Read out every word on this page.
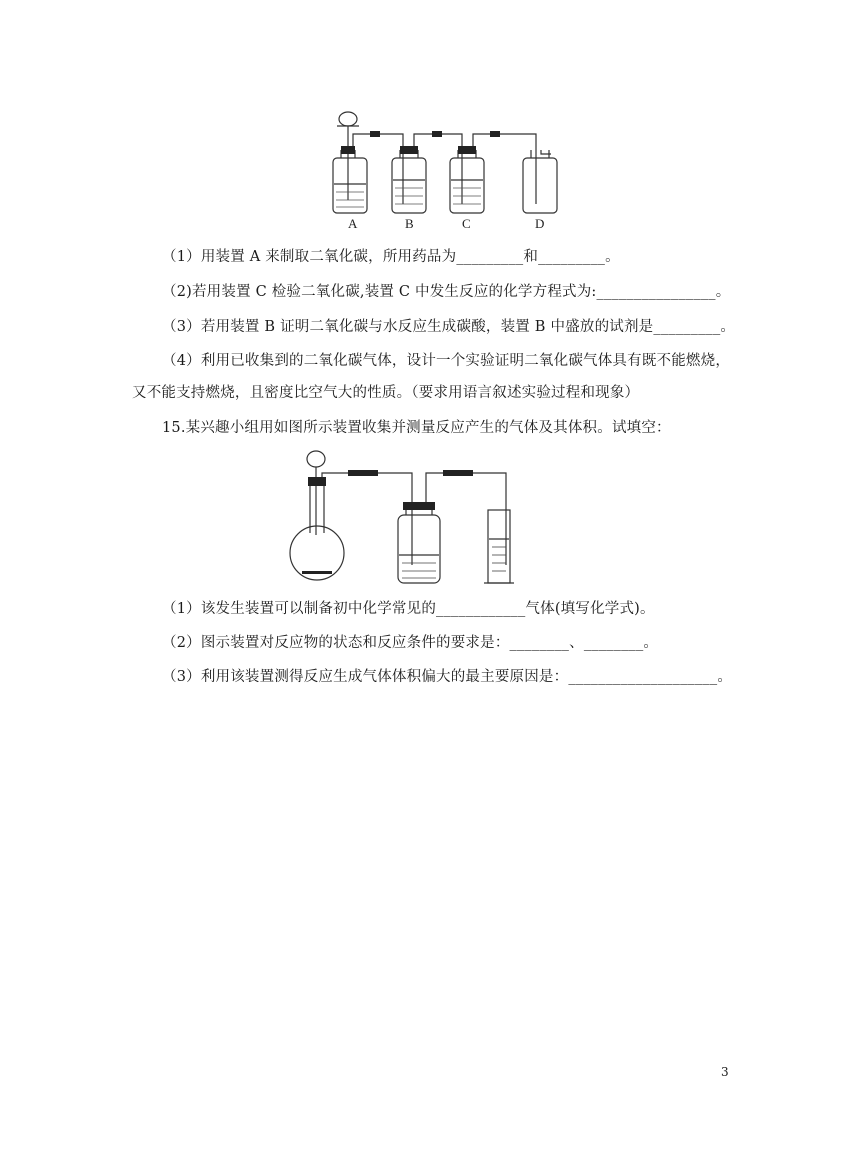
A	B	C	D
（1）用装置 A 来制取二氧化碳，所用药品为_________和_________。
（2)若用装置 C 检验二氧化碳,装置 C 中发生反应的化学方程式为:________________。
（3）若用装置 B 证明二氧化碳与水反应生成碳酸，装置 B 中盛放的试剂是_________。
（4）利用已收集到的二氧化碳气体，设计一个实验证明二氧化碳气体具有既不能燃烧，
又不能支持燃烧，且密度比空气大的性质。（要求用语言叙述实验过程和现象）
15.某兴趣小组用如图所示装置收集并测量反应产生的气体及其体积。试填空：
（1）该发生装置可以制备初中化学常见的____________气体(填写化学式)。
（2）图示装置对反应物的状态和反应条件的要求是：________、________。
（3）利用该装置测得反应生成气体体积偏大的最主要原因是：____________________。
3
